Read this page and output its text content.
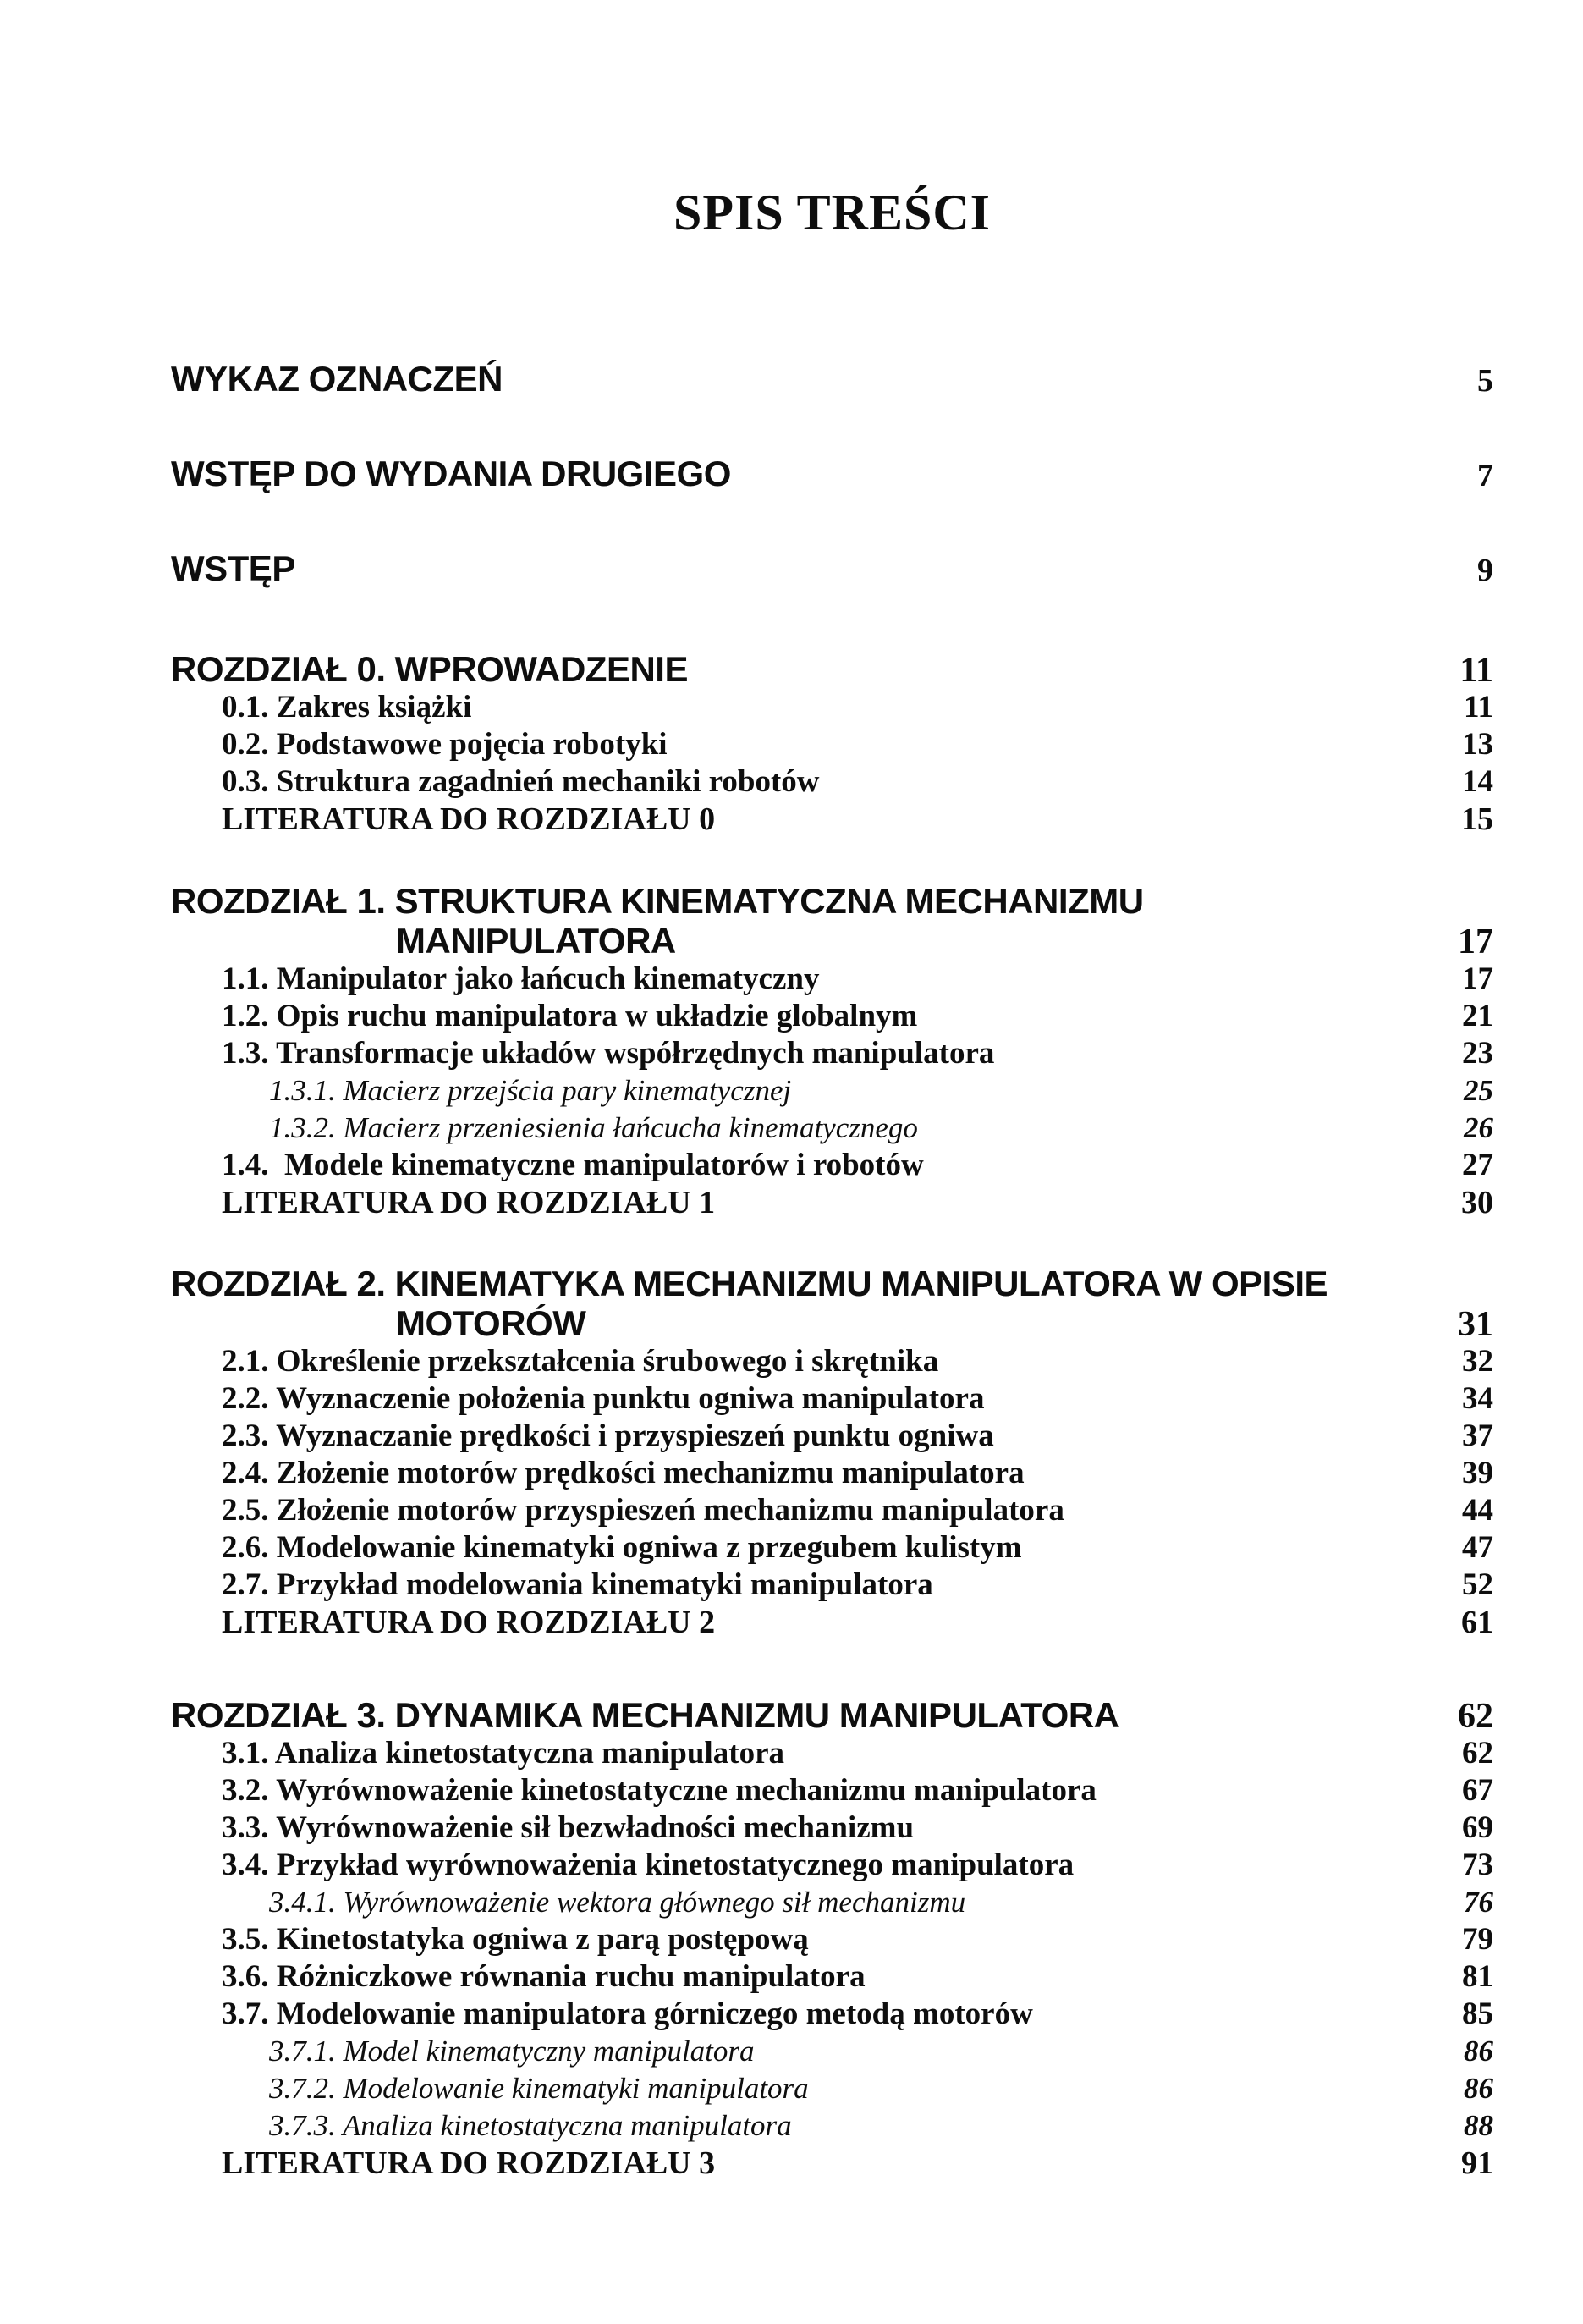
SPIS TREŚCI
WYKAZ OZNACZEŃ	5
WSTĘP DO WYDANIA DRUGIEGO	7
WSTĘP	9
ROZDZIAŁ 0. WPROWADZENIE	11
0.1. Zakres książki	11
0.2. Podstawowe pojęcia robotyki	13
0.3. Struktura zagadnień mechaniki robotów	14
LITERATURA DO ROZDZIAŁU 0	15
ROZDZIAŁ 1. STRUKTURA KINEMATYCZNA MECHANIZMU
MANIPULATORA	17
1.1. Manipulator jako łańcuch kinematyczny	17
1.2. Opis ruchu manipulatora w układzie globalnym	21
1.3. Transformacje układów współrzędnych manipulatora	23
1.3.1. Macierz przejścia pary kinematycznej	25
1.3.2. Macierz przeniesienia łańcucha kinematycznego	26
1.4.  Modele kinematyczne manipulatorów i robotów	27
LITERATURA DO ROZDZIAŁU 1	30
ROZDZIAŁ 2. KINEMATYKA MECHANIZMU MANIPULATORA W OPISIE
MOTORÓW	31
2.1. Określenie przekształcenia śrubowego i skrętnika	32
2.2. Wyznaczenie położenia punktu ogniwa manipulatora	34
2.3. Wyznaczanie prędkości i przyspieszeń punktu ogniwa	37
2.4. Złożenie motorów prędkości mechanizmu manipulatora	39
2.5. Złożenie motorów przyspieszeń mechanizmu manipulatora	44
2.6. Modelowanie kinematyki ogniwa z przegubem kulistym	47
2.7. Przykład modelowania kinematyki manipulatora	52
LITERATURA DO ROZDZIAŁU 2	61
ROZDZIAŁ 3. DYNAMIKA MECHANIZMU MANIPULATORA	62
3.1. Analiza kinetostatyczna manipulatora	62
3.2. Wyrównoważenie kinetostatyczne mechanizmu manipulatora	67
3.3. Wyrównoważenie sił bezwładności mechanizmu	69
3.4. Przykład wyrównoważenia kinetostatycznego manipulatora	73
3.4.1. Wyrównoważenie wektora głównego sił mechanizmu	76
3.5. Kinetostatyka ogniwa z parą postępową	79
3.6. Różniczkowe równania ruchu manipulatora	81
3.7. Modelowanie manipulatora górniczego metodą motorów	85
3.7.1. Model kinematyczny manipulatora	86
3.7.2. Modelowanie kinematyki manipulatora	86
3.7.3. Analiza kinetostatyczna manipulatora	88
LITERATURA DO ROZDZIAŁU 3	91
